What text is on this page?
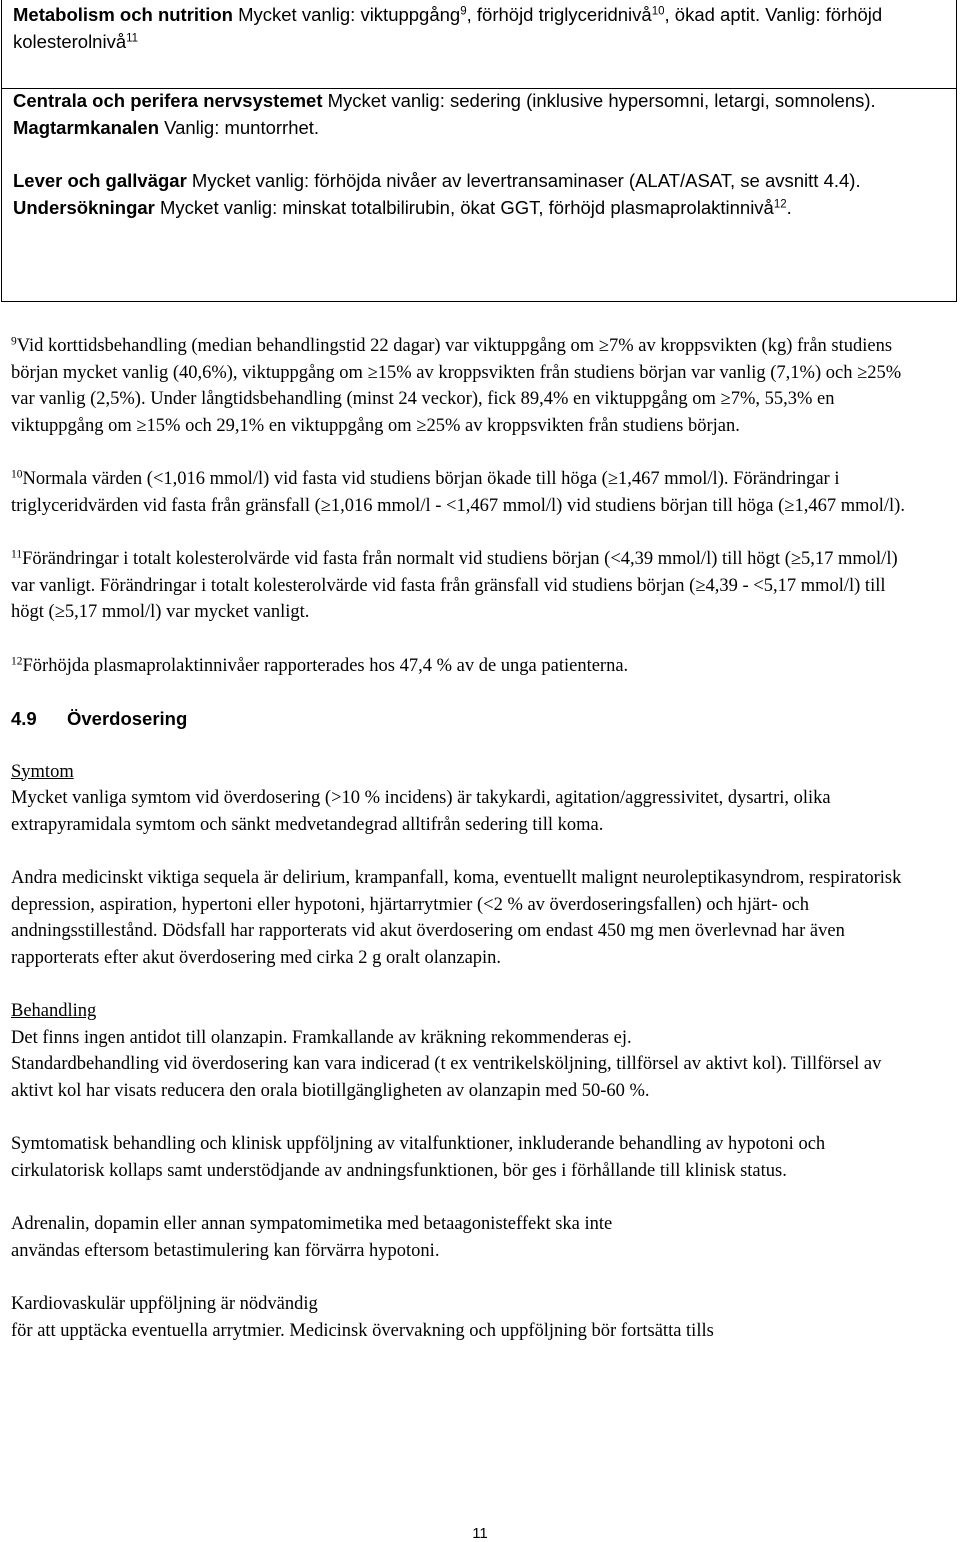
Metabolism och nutrition Mycket vanlig: viktuppgång$^9$, förhöjd triglyceridnivå$^{10}$, ökad aptit. Vanlig: förhöjd kolesterolnivå$^{11}$

Centrala och perifera nervsystemet Mycket vanlig: sedering (inklusive hypersomni, letargi, somnolens).

Magtarmkanalen Vanlig: muntorrhet.

Lever och gallvägar Mycket vanlig: förhöjda nivåer av levertransaminaser (ALAT/ASAT, se avsnitt 4.4).

Undersökningar Mycket vanlig: minskat totalbilirubin, ökat GGT, förhöjd plasmaprolaktinnivå$^{12}$.

$^9$Vid korttidsbehandling (median behandlingstid 22 dagar) var viktuppgång om ≥7% av kroppsvikten (kg) från studiens början mycket vanlig (40,6%), viktuppgång om ≥15% av kroppsvikten från studiens början var vanlig (7,1%) och ≥25% var vanlig (2,5%). Under långtidsbehandling (minst 24 veckor), fick 89,4% en viktuppgång om ≥7%, 55,3% en viktuppgång om ≥15% och 29,1% en viktuppgång om ≥25% av kroppsvikten från studiens början.

$^{10}$Normala värden (<1,016 mmol/l) vid fasta vid studiens början ökade till höga ( ≥ 1,467 mmol/l). Förändringar i triglyceridvärden vid fasta från gränsfall ( ≥ 1,016 mmol/l - <1,467 mmol/l) vid studiens början till höga ( ≥ 1,467 mmol/l).

$^{11}$Förändringar i totalt kolesterolvärde vid fasta från normalt vid studiens början (<4,39 mmol/l) till högt ( ≥ 5,17 mmol/l) var vanligt. Förändringar i totalt kolesterolvärde vid fasta från gränsfall vid studiens början ( ≥ 4,39 - <5,17 mmol/l) till högt ( ≥ 5,17 mmol/l) var mycket vanligt.

$^{12}$Förhöjda plasmaprolaktinnivåer rapporterades hos 47,4 % av de unga patienterna.

4.9 Överdosering

Symtom

Mycket vanliga symtom vid överdosering (>10 % incidens) är takykardi, agitation/aggressivitet, dysartri, olika extrapyramidala symtom och sänkt medvetandegrad alltifrån sedering till koma.

Andra medicinskt viktiga sequela är delirium, krampanfall, koma, eventuellt malignt neuroleptikasyndrom, respiratorisk depression, aspiration, hypertoni eller hypotoni, hjärtarrytmier (<2 % av överdoseringsfallen) och hjärt- och andningsstillestånd. Dödsfall har rapporterats vid akut överdosering om endast 450 mg men överlevnad har även rapporterats efter akut överdosering med cirka 2 g oralt olanzapin.

Behandling

Det finns ingen antidot till olanzapin. Framkallande av kräkning rekommenderas ej.

Standardbehandling vid överdosering kan vara indicerad (t ex ventrikelsköljning, tillförsel av aktivt kol). Tillförsel av aktivt kol har visats reducera den orala biotillgängligheten av olanzapin med 50-60 %.

Symtomatisk behandling och klinisk uppföljning av vitalfunktioner, inkluderande behandling av hypotoni och cirkulatorisk kollaps samt understödjande av andningsfunktionen, bör ges i förhållande till klinisk status.

Adrenalin, dopamin eller annan sympatomimetika med betaagonisteffekt ska inte
användas eftersom betastimulering kan förvärra hypotoni.

Kardiovaskulär uppföljning är nödvändig
för att upptäcka eventuella arrytmier. Medicinsk övervakning och uppföljning bör fortsätta tills

11
